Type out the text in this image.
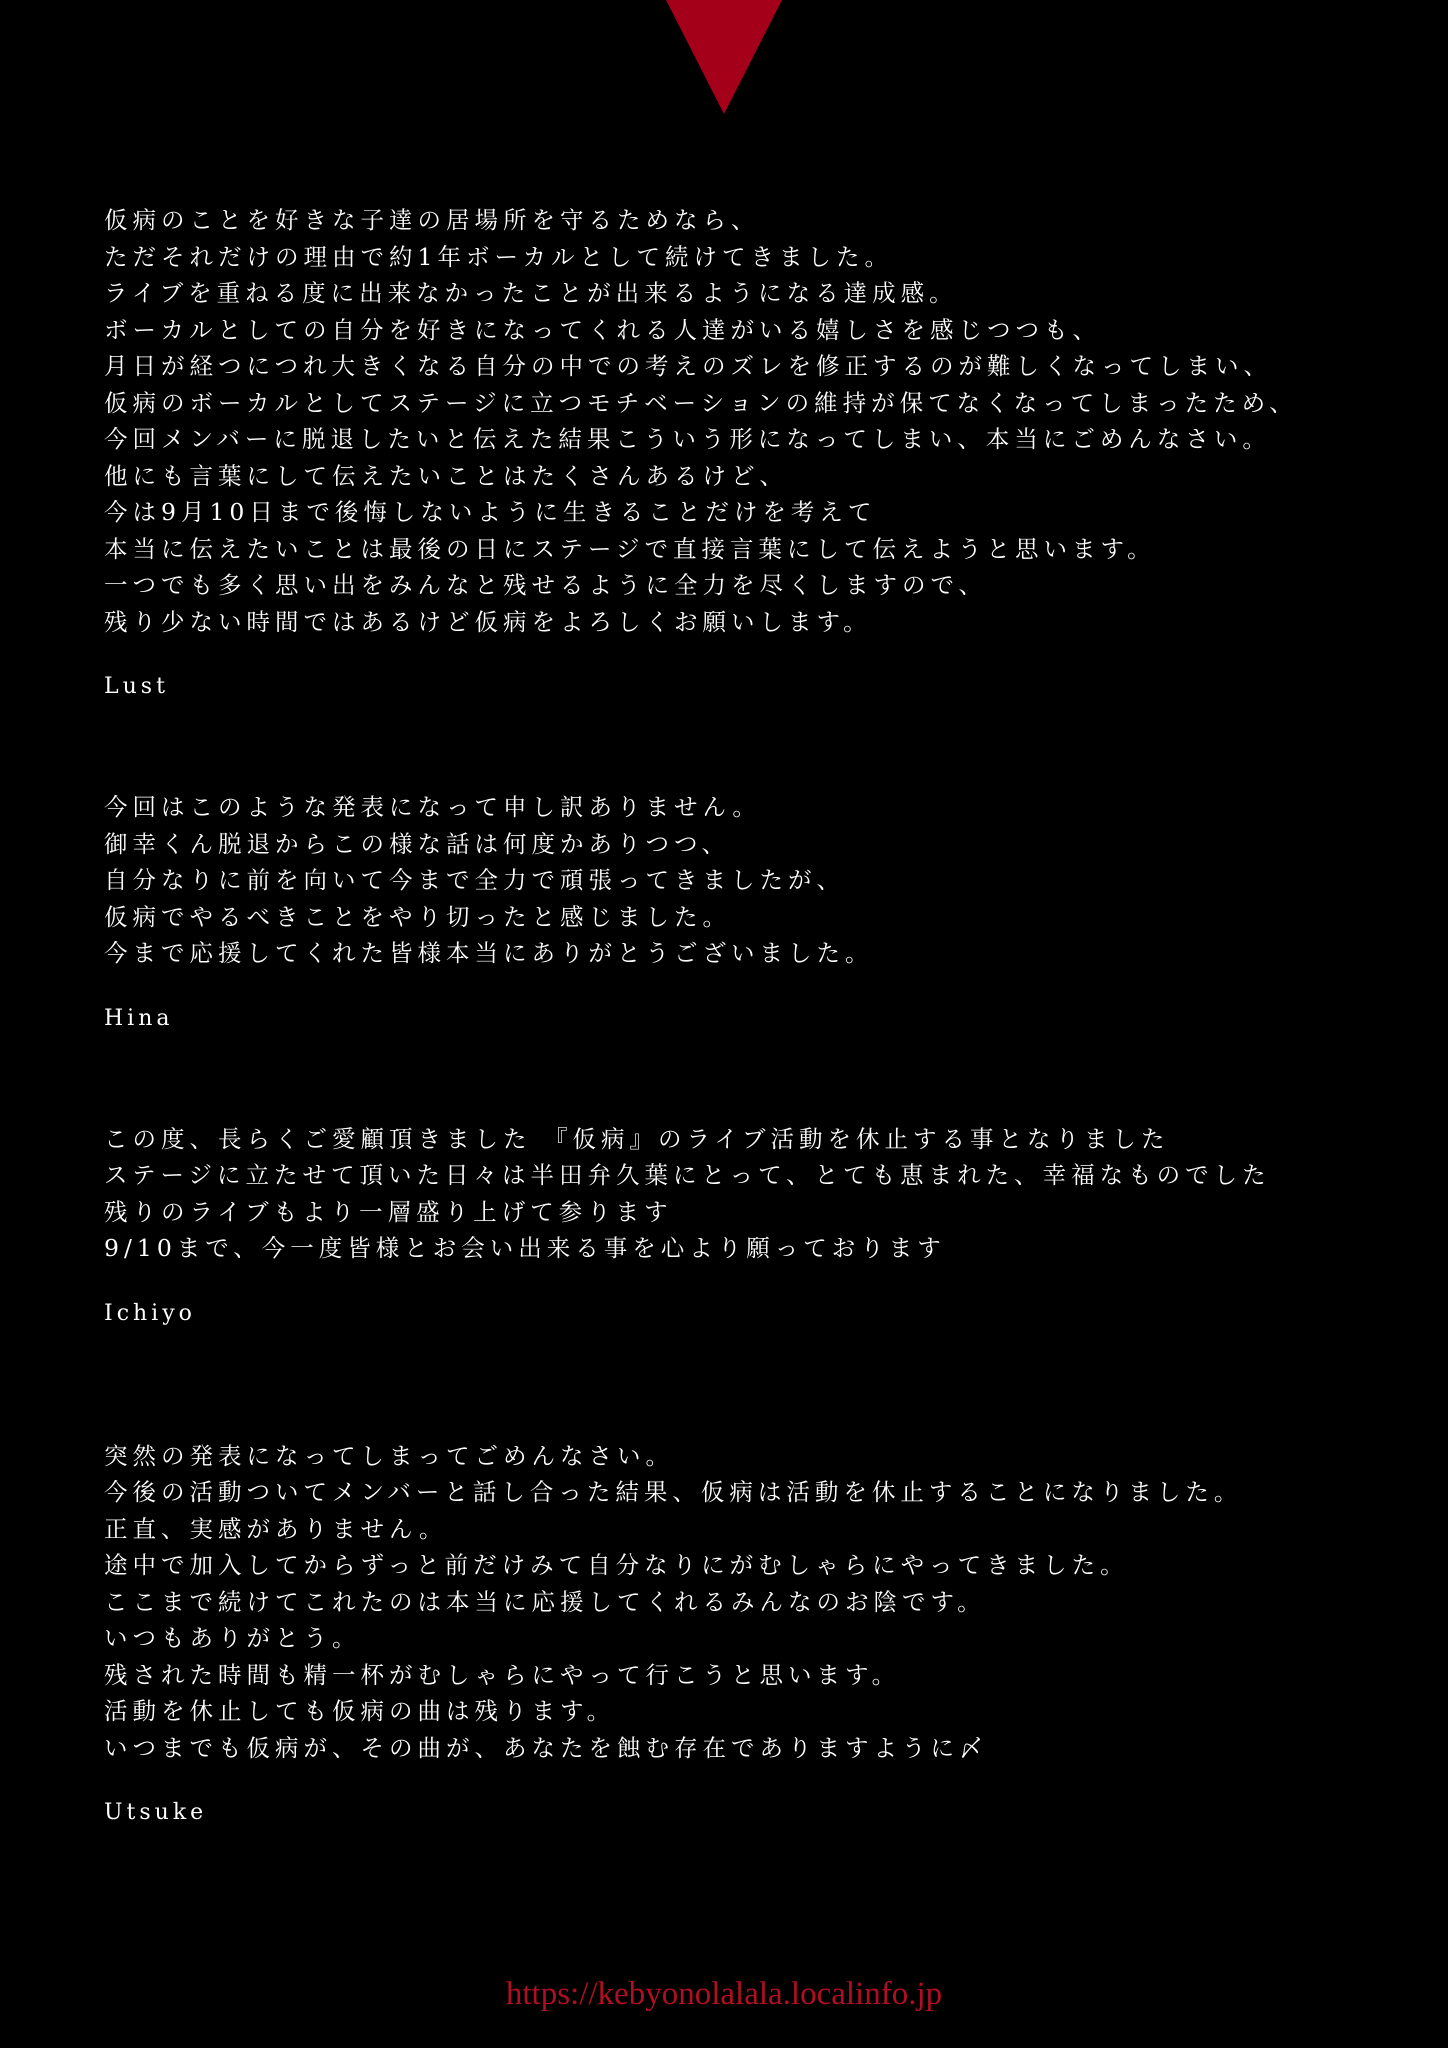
仮病のことを好きな子達の居場所を守るためなら、
ただそれだけの理由で約1年ボーカルとして続けてきました。
ライブを重ねる度に出来なかったことが出来るようになる達成感。
ボーカルとしての自分を好きになってくれる人達がいる嬉しさを感じつつも、
月日が経つにつれ大きくなる自分の中での考えのズレを修正するのが難しくなってしまい、
仮病のボーカルとしてステージに立つモチベーションの維持が保てなくなってしまったため、
今回メンバーに脱退したいと伝えた結果こういう形になってしまい、本当にごめんなさい。
他にも言葉にして伝えたいことはたくさんあるけど、
今は9月10日まで後悔しないように生きることだけを考えて
本当に伝えたいことは最後の日にステージで直接言葉にして伝えようと思います。
一つでも多く思い出をみんなと残せるように全力を尽くしますので、
残り少ない時間ではあるけど仮病をよろしくお願いします。
Lust
今回はこのような発表になって申し訳ありません。
御幸くん脱退からこの様な話は何度かありつつ、
自分なりに前を向いて今まで全力で頑張ってきましたが、
仮病でやるべきことをやり切ったと感じました。
今まで応援してくれた皆様本当にありがとうございました。
Hina
この度、長らくご愛顧頂きました 『仮病』のライブ活動を休止する事となりました
ステージに立たせて頂いた日々は半田弁久葉にとって、とても恵まれた、幸福なものでした
残りのライブもより一層盛り上げて参ります
9/10まで、今一度皆様とお会い出来る事を心より願っております
Ichiyo
突然の発表になってしまってごめんなさい。
今後の活動ついてメンバーと話し合った結果、仮病は活動を休止することになりました。
正直、実感がありません。
途中で加入してからずっと前だけみて自分なりにがむしゃらにやってきました。
ここまで続けてこれたのは本当に応援してくれるみんなのお陰です。
いつもありがとう。
残された時間も精一杯がむしゃらにやって行こうと思います。
活動を休止しても仮病の曲は残ります。
いつまでも仮病が、その曲が、あなたを蝕む存在でありますように〆
Utsuke
https://kebyonolalala.localinfo.jp
